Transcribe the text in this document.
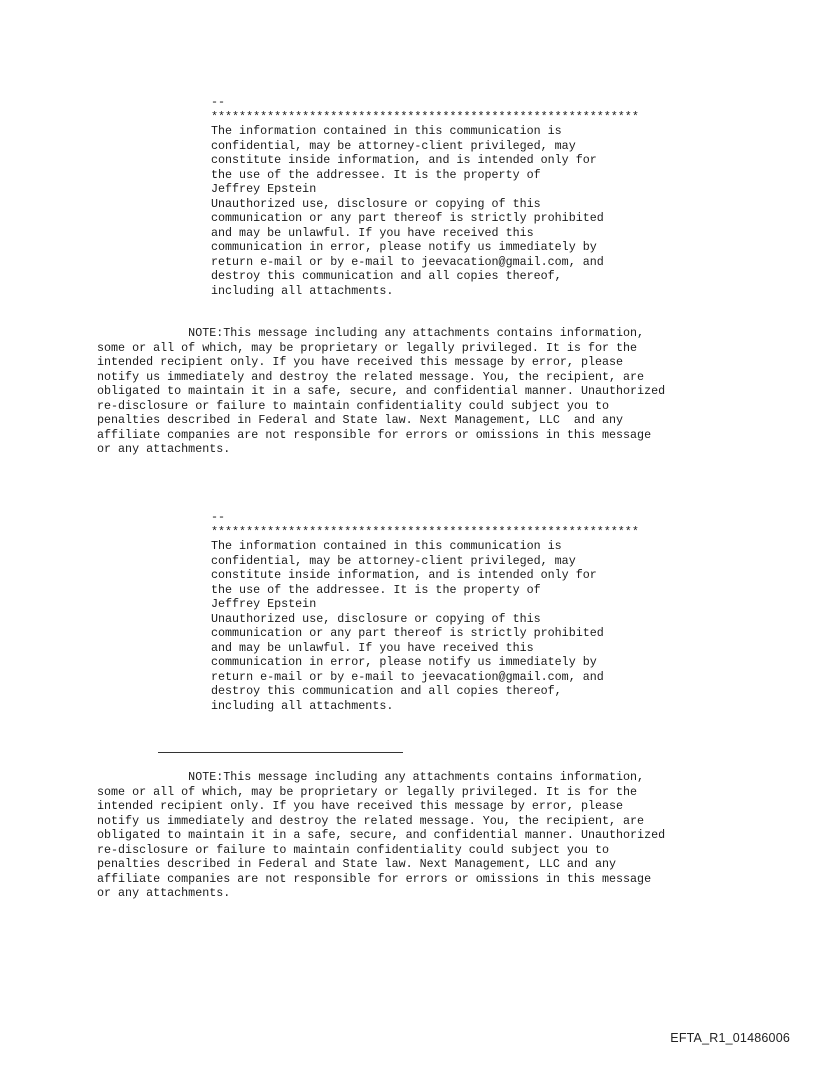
--
*************************************************************
The information contained in this communication is
confidential, may be attorney-client privileged, may
constitute inside information, and is intended only for
the use of the addressee. It is the property of
Jeffrey Epstein
Unauthorized use, disclosure or copying of this
communication or any part thereof is strictly prohibited
and may be unlawful. If you have received this
communication in error, please notify us immediately by
return e-mail or by e-mail to jeevacation@gmail.com, and
destroy this communication and all copies thereof,
including all attachments.
NOTE:This message including any attachments contains information,
some or all of which, may be proprietary or legally privileged. It is for the
intended recipient only. If you have received this message by error, please
notify us immediately and destroy the related message. You, the recipient, are
obligated to maintain it in a safe, secure, and confidential manner. Unauthorized
re-disclosure or failure to maintain confidentiality could subject you to
penalties described in Federal and State law. Next Management, LLC  and any
affiliate companies are not responsible for errors or omissions in this message
or any attachments.
--
*************************************************************
The information contained in this communication is
confidential, may be attorney-client privileged, may
constitute inside information, and is intended only for
the use of the addressee. It is the property of
Jeffrey Epstein
Unauthorized use, disclosure or copying of this
communication or any part thereof is strictly prohibited
and may be unlawful. If you have received this
communication in error, please notify us immediately by
return e-mail or by e-mail to jeevacation@gmail.com, and
destroy this communication and all copies thereof,
including all attachments.
NOTE:This message including any attachments contains information,
some or all of which, may be proprietary or legally privileged. It is for the
intended recipient only. If you have received this message by error, please
notify us immediately and destroy the related message. You, the recipient, are
obligated to maintain it in a safe, secure, and confidential manner. Unauthorized
re-disclosure or failure to maintain confidentiality could subject you to
penalties described in Federal and State law. Next Management, LLC and any
affiliate companies are not responsible for errors or omissions in this message
or any attachments.
EFTA_R1_01486006
